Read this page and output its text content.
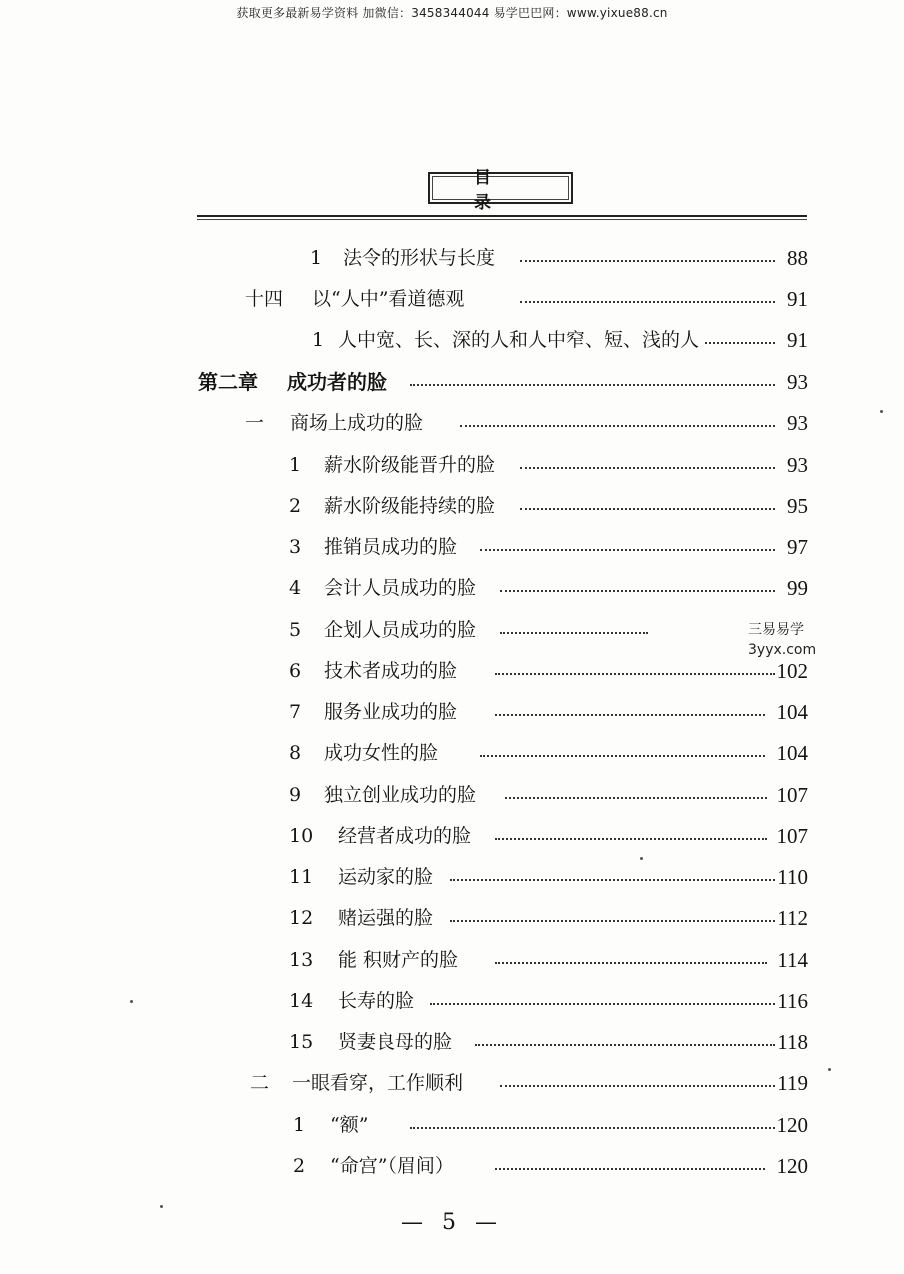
获取更多最新易学资料 加微信：3458344044 易学巴巴网：www.yixue88.cn
目 录
1 法令的形状与长度	88
十四 以“人中”看道德观	91
1 人中宽、长、深的人和人中窄、短、浅的人	91
第二章 成功者的脸	93
一 商场上成功的脸	93
1 薪水阶级能晋升的脸	93
2 薪水阶级能持续的脸	95
3 推销员成功的脸	97
4 会计人员成功的脸	99
5 企划人员成功的脸
6 技术者成功的脸	102
7 服务业成功的脸	104
8 成功女性的脸	104
9 独立创业成功的脸	107
10 经营者成功的脸	107
11 运动家的脸	110
12 赌运强的脸	112
13 能 积财产的脸	114
14 长寿的脸	116
15 贤妻良母的脸	118
二 一眼看穿，工作顺利	119
1 “额”	120
2 “命宫”（眉间）	120
三易易学
3yyx.com
— 5 —
